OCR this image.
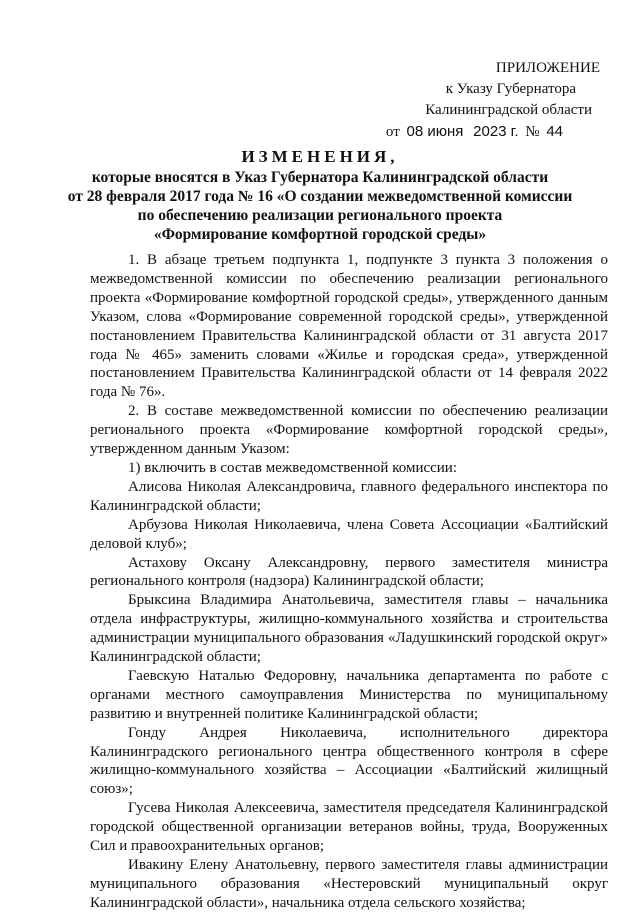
ПРИЛОЖЕНИЕ
к Указу Губернатора
Калининградской области
от 08 июня 2023 г. № 44
ИЗМЕНЕНИЯ,
которые вносятся в Указ Губернатора Калининградской области
от 28 февраля 2017 года № 16 «О создании межведомственной комиссии
по обеспечению реализации регионального проекта
«Формирование комфортной городской среды»

1. В абзаце третьем подпункта 1, подпункте 3 пункта 3 положения о межведомственной комиссии по обеспечению реализации регионального проекта «Формирование комфортной городской среды», утвержденного данным Указом, слова «Формирование современной городской среды», утвержденной постановлением Правительства Калининградской области от 31 августа 2017 года № 465» заменить словами «Жилье и городская среда», утвержденной постановлением Правительства Калининградской области от 14 февраля 2022 года № 76».

2. В составе межведомственной комиссии по обеспечению реализации регионального проекта «Формирование комфортной городской среды», утвержденном данным Указом:

1) включить в состав межведомственной комиссии:

Алисова Николая Александровича, главного федерального инспектора по Калининградской области;

Арбузова Николая Николаевича, члена Совета Ассоциации «Балтийский деловой клуб»;

Астахову Оксану Александровну, первого заместителя министра регионального контроля (надзора) Калининградской области;

Брыксина Владимира Анатольевича, заместителя главы – начальника отдела инфраструктуры, жилищно-коммунального хозяйства и строительства администрации муниципального образования «Ладушкинский городской округ» Калининградской области;

Гаевскую Наталью Федоровну, начальника департамента по работе с органами местного самоуправления Министерства по муниципальному развитию и внутренней политике Калининградской области;

Гонду Андрея Николаевича, исполнительного директора Калининградского регионального центра общественного контроля в сфере жилищно-коммунального хозяйства – Ассоциации «Балтийский жилищный союз»;

Гусева Николая Алексеевича, заместителя председателя Калининградской городской общественной организации ветеранов войны, труда, Вооруженных Сил и правоохранительных органов;

Ивакину Елену Анатольевну, первого заместителя главы администрации муниципального образования «Нестеровский муниципальный округ Калининградской области», начальника отдела сельского хозяйства;
